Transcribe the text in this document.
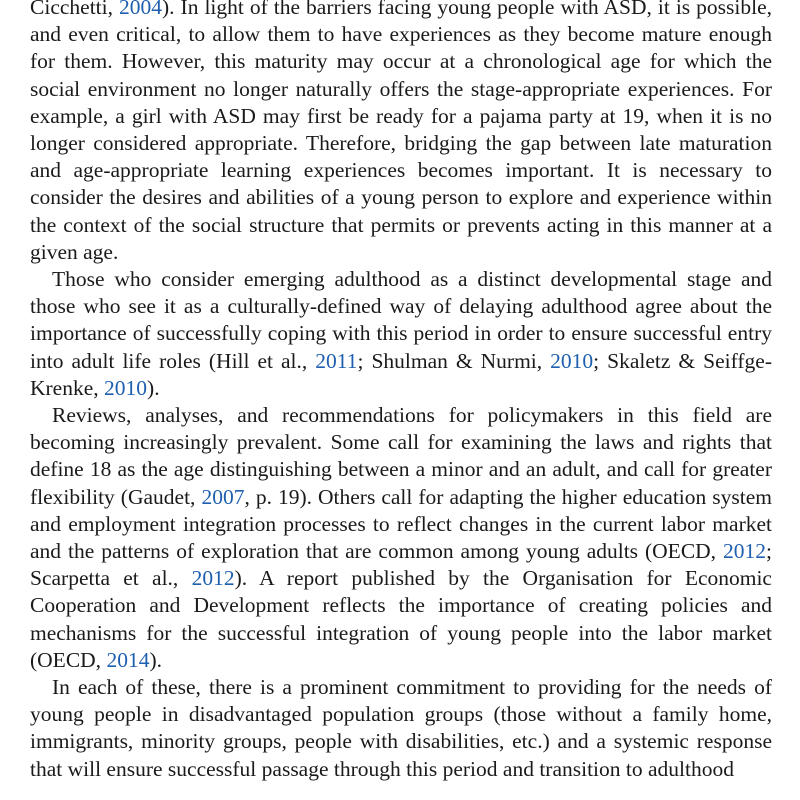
Cicchetti, 2004). In light of the barriers facing young people with ASD, it is possible, and even critical, to allow them to have experiences as they become mature enough for them. However, this maturity may occur at a chronological age for which the social environment no longer naturally offers the stage-appropriate experiences. For example, a girl with ASD may first be ready for a pajama party at 19, when it is no longer considered appropriate. Therefore, bridging the gap between late maturation and age-appropriate learning experiences becomes important. It is necessary to consider the desires and abilities of a young person to explore and experience within the context of the social structure that permits or prevents acting in this manner at a given age.

Those who consider emerging adulthood as a distinct developmental stage and those who see it as a culturally-defined way of delaying adulthood agree about the importance of successfully coping with this period in order to ensure successful entry into adult life roles (Hill et al., 2011; Shulman & Nurmi, 2010; Skaletz & Seiffge-Krenke, 2010).

Reviews, analyses, and recommendations for policymakers in this field are becoming increasingly prevalent. Some call for examining the laws and rights that define 18 as the age distinguishing between a minor and an adult, and call for greater flexibility (Gaudet, 2007, p. 19). Others call for adapting the higher education system and employment integration processes to reflect changes in the current labor market and the patterns of exploration that are common among young adults (OECD, 2012; Scarpetta et al., 2012). A report published by the Organisation for Economic Cooperation and Development reflects the importance of creating policies and mechanisms for the successful integration of young people into the labor market (OECD, 2014).

In each of these, there is a prominent commitment to providing for the needs of young people in disadvantaged population groups (those without a family home, immigrants, minority groups, people with disabilities, etc.) and a systemic response that will ensure successful passage through this period and transition to adulthood
